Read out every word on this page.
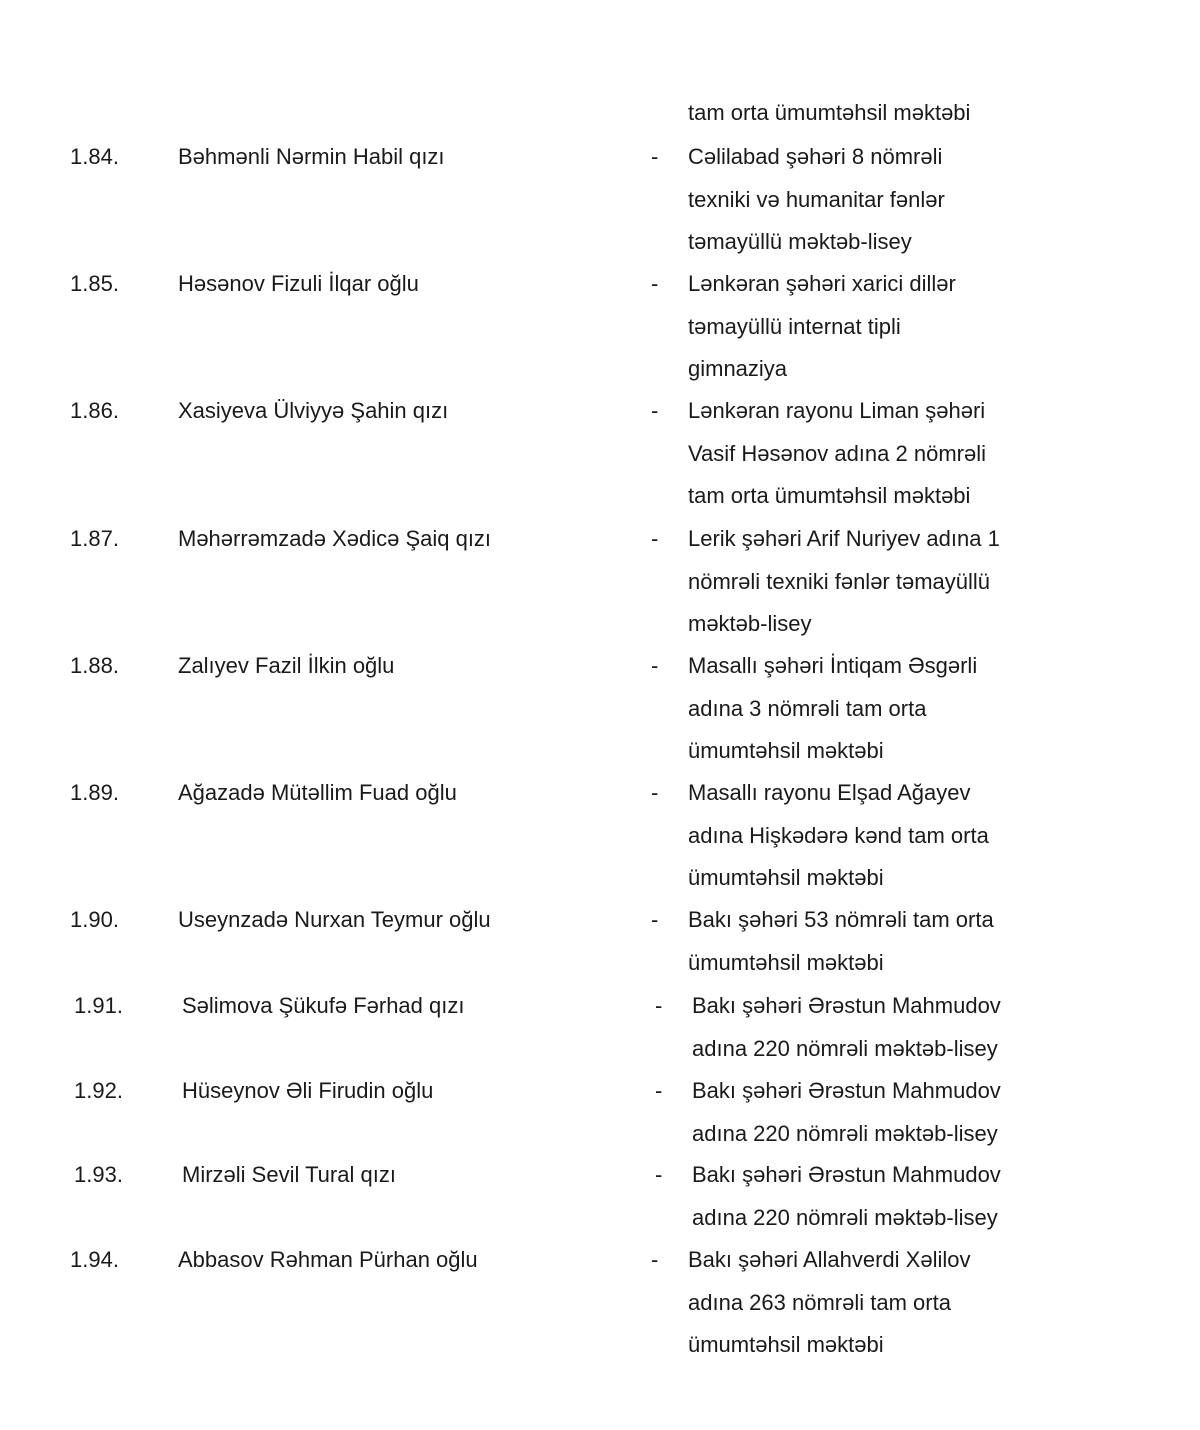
tam orta ümumtəhsil məktəbi
1.84.	Bəhmənli Nərmin Habil qızı	- Cəlilabad şəhəri 8 nömrəli
texniki və humanitar fənlər
təmayüllü məktəb-lisey
1.85.	Həsənov Fizuli İlqar oğlu	- Lənkəran şəhəri xarici dillər
təmayüllü internat tipli
gimnaziya
1.86.	Xasiyeva Ülviyyə Şahin qızı	- Lənkəran rayonu Liman şəhəri
Vasif Həsənov adına 2 nömrəli
tam orta ümumtəhsil məktəbi
1.87.	Məhərrəmzadə Xədicə Şaiq qızı	- Lerik şəhəri Arif Nuriyev adına 1
nömrəli texniki fənlər təmayüllü
məktəb-lisey
1.88.	Zalıyev Fazil İlkin oğlu	- Masallı şəhəri İntiqam Əsgərli
adına 3 nömrəli tam orta
ümumtəhsil məktəbi
1.89.	Ağazadə Mütəllim Fuad oğlu	- Masallı rayonu Elşad Ağayev
adına Hişkədərə kənd tam orta
ümumtəhsil məktəbi
1.90.	Useynzadə Nurxan Teymur oğlu	- Bakı şəhəri 53 nömrəli tam orta
ümumtəhsil məktəbi
1.91.	Səlimova Şükufə Fərhad qızı	- Bakı şəhəri Ərəstun Mahmudov
adına 220 nömrəli məktəb-lisey
1.92.	Hüseynov Əli Firudin oğlu	- Bakı şəhəri Ərəstun Mahmudov
adına 220 nömrəli məktəb-lisey
1.93.	Mirzəli Sevil Tural qızı	- Bakı şəhəri Ərəstun Mahmudov
adına 220 nömrəli məktəb-lisey
1.94.	Abbasov Rəhman Pürhan oğlu	- Bakı şəhəri Allahverdi Xəlilov
adına 263 nömrəli tam orta
ümumtəhsil məktəbi
